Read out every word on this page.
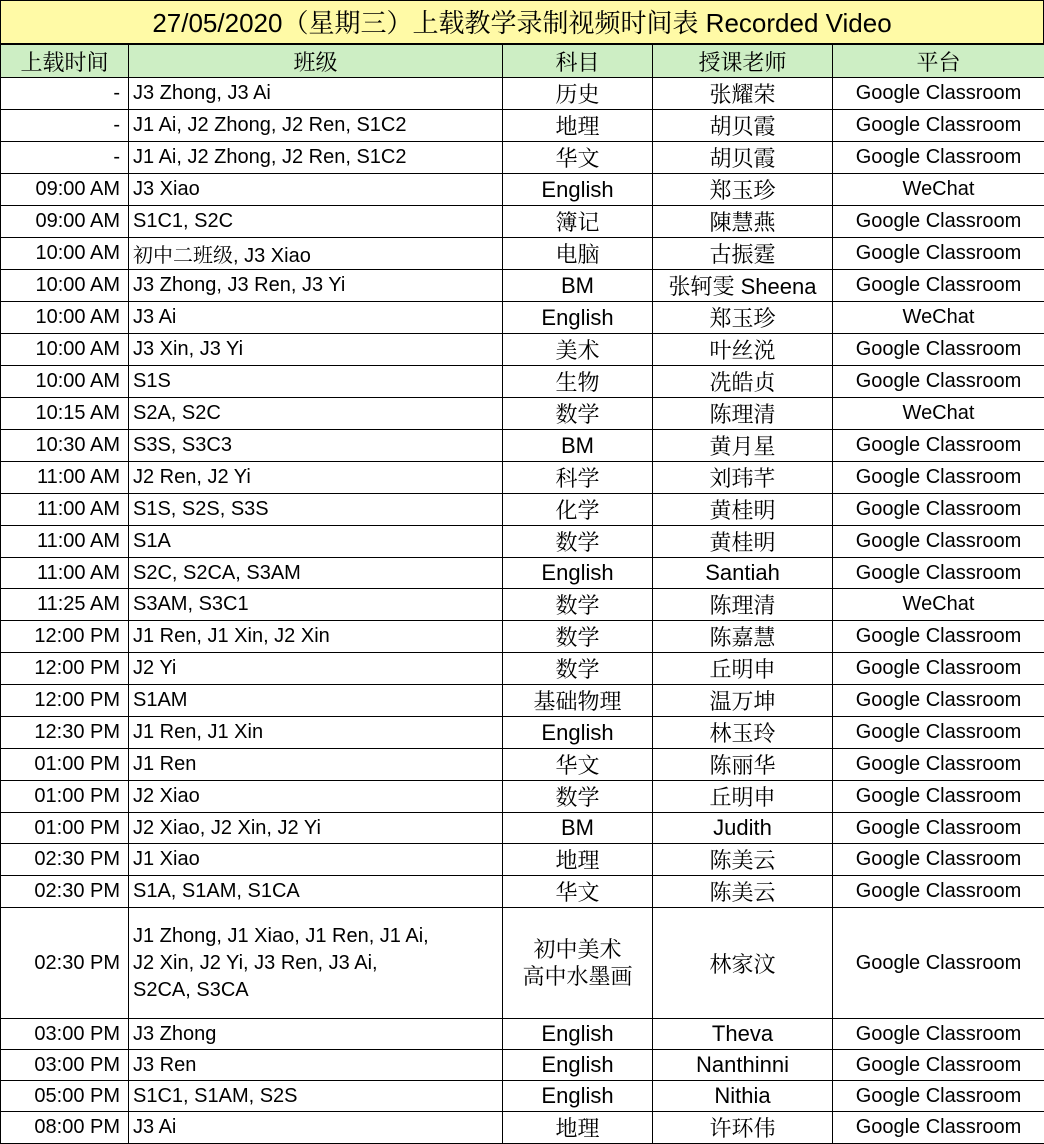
27/05/2020（星期三）上载教学录制视频时间表 Recorded Video
上载时间	班级	科目	授课老师	平台
-	J3 Zhong, J3 Ai	历史	张耀荣	Google Classroom
-	J1 Ai, J2 Zhong, J2 Ren, S1C2	地理	胡贝霞	Google Classroom
-	J1 Ai, J2 Zhong, J2 Ren, S1C2	华文	胡贝霞	Google Classroom
09:00 AM	J3 Xiao	English	郑玉珍	WeChat
09:00 AM	S1C1, S2C	簿记	陳慧燕	Google Classroom
10:00 AM	初中二班级, J3 Xiao	电脑	古振霆	Google Classroom
10:00 AM	J3 Zhong, J3 Ren, J3 Yi	BM	张轲雯 Sheena	Google Classroom
10:00 AM	J3 Ai	English	郑玉珍	WeChat
10:00 AM	J3 Xin, J3 Yi	美术	叶丝涚	Google Classroom
10:00 AM	S1S	生物	冼皓贞	Google Classroom
10:15 AM	S2A, S2C	数学	陈理清	WeChat
10:30 AM	S3S, S3C3	BM	黄月星	Google Classroom
11:00 AM	J2 Ren, J2 Yi	科学	刘玮芊	Google Classroom
11:00 AM	S1S, S2S, S3S	化学	黄桂明	Google Classroom
11:00 AM	S1A	数学	黄桂明	Google Classroom
11:00 AM	S2C, S2CA, S3AM	English	Santiah	Google Classroom
11:25 AM	S3AM, S3C1	数学	陈理清	WeChat
12:00 PM	J1 Ren, J1 Xin, J2 Xin	数学	陈嘉慧	Google Classroom
12:00 PM	J2 Yi	数学	丘明申	Google Classroom
12:00 PM	S1AM	基础物理	温万坤	Google Classroom
12:30 PM	J1 Ren, J1 Xin	English	林玉玲	Google Classroom
01:00 PM	J1 Ren	华文	陈丽华	Google Classroom
01:00 PM	J2 Xiao	数学	丘明申	Google Classroom
01:00 PM	J2 Xiao, J2 Xin, J2 Yi	BM	Judith	Google Classroom
02:30 PM	J1 Xiao	地理	陈美云	Google Classroom
02:30 PM	S1A, S1AM, S1CA	华文	陈美云	Google Classroom
02:30 PM	J1 Zhong, J1 Xiao, J1 Ren, J1 Ai,
J2 Xin, J2 Yi, J3 Ren, J3 Ai,
S2CA, S3CA	初中美术
高中水墨画	林家汶	Google Classroom
03:00 PM	J3 Zhong	English	Theva	Google Classroom
03:00 PM	J3 Ren	English	Nanthinni	Google Classroom
05:00 PM	S1C1, S1AM, S2S	English	Nithia	Google Classroom
08:00 PM	J3 Ai	地理	许环伟	Google Classroom
